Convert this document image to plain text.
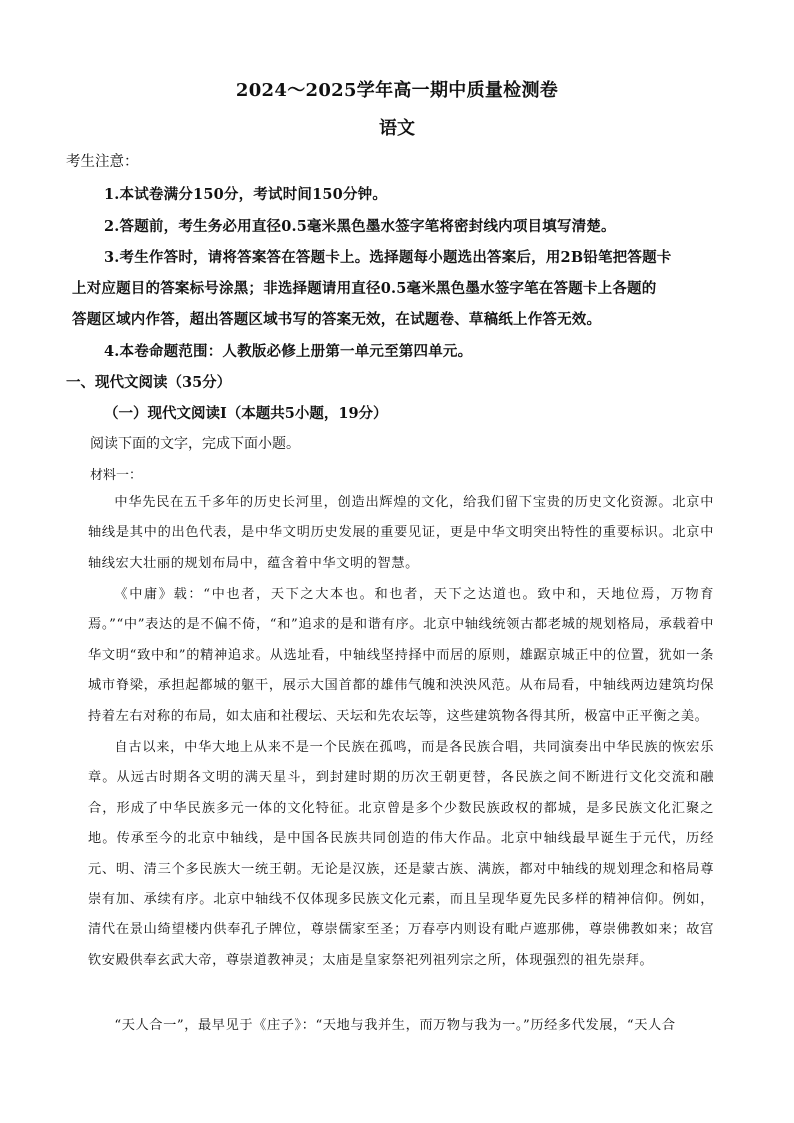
2024～2025学年高一期中质量检测卷
语文
考生注意：
1.本试卷满分150分，考试时间150分钟。
2.答题前，考生务必用直径0.5毫米黑色墨水签字笔将密封线内项目填写清楚。
3.考生作答时，请将答案答在答题卡上。选择题每小题选出答案后，用2B铅笔把答题卡
上对应题目的答案标号涂黑；非选择题请用直径0.5毫米黑色墨水签字笔在答题卡上各题的
答题区域内作答，超出答题区域书写的答案无效，在试题卷、草稿纸上作答无效。
4.本卷命题范围：人教版必修上册第一单元至第四单元。
一、现代文阅读（35分）
（一）现代文阅读Ⅰ（本题共5小题，19分）
阅读下面的文字，完成下面小题。
材料一：

中华先民在五千多年的历史长河里，创造出辉煌的文化，给我们留下宝贵的历史文化资源。北京中轴线是其中的出色代表，是中华文明历史发展的重要见证，更是中华文明突出特性的重要标识。北京中轴线宏大壮丽的规划布局中，蕴含着中华文明的智慧。

《中庸》载：“中也者，天下之大本也。和也者，天下之达道也。致中和，天地位焉，万物育焉。”“中”表达的是不偏不倚，“和”追求的是和谐有序。北京中轴线统领古都老城的规划格局，承载着中华文明“致中和”的精神追求。从选址看，中轴线坚持择中而居的原则，雄踞京城正中的位置，犹如一条城市脊梁，承担起都城的躯干，展示大国首都的雄伟气魄和泱泱风范。从布局看，中轴线两边建筑均保持着左右对称的布局，如太庙和社稷坛、天坛和先农坛等，这些建筑物各得其所，极富中正平衡之美。

自古以来，中华大地上从来不是一个民族在孤鸣，而是各民族合唱，共同演奏出中华民族的恢宏乐章。从远古时期各文明的满天星斗，到封建时期的历次王朝更替，各民族之间不断进行文化交流和融合，形成了中华民族多元一体的文化特征。北京曾是多个少数民族政权的都城，是多民族文化汇聚之地。传承至今的北京中轴线，是中国各民族共同创造的伟大作品。北京中轴线最早诞生于元代，历经元、明、清三个多民族大一统王朝。无论是汉族，还是蒙古族、满族，都对中轴线的规划理念和格局尊崇有加、承续有序。北京中轴线不仅体现多民族文化元素，而且呈现华夏先民多样的精神信仰。例如，清代在景山绮望楼内供奉孔子牌位，尊崇儒家至圣；万春亭内则设有毗卢遮那佛，尊崇佛教如来；故宫钦安殿供奉玄武大帝，尊崇道教神灵；太庙是皇家祭祀列祖列宗之所，体现强烈的祖先崇拜。

“天人合一”，最早见于《庄子》：“天地与我并生，而万物与我为一。”历经多代发展，“天人合
